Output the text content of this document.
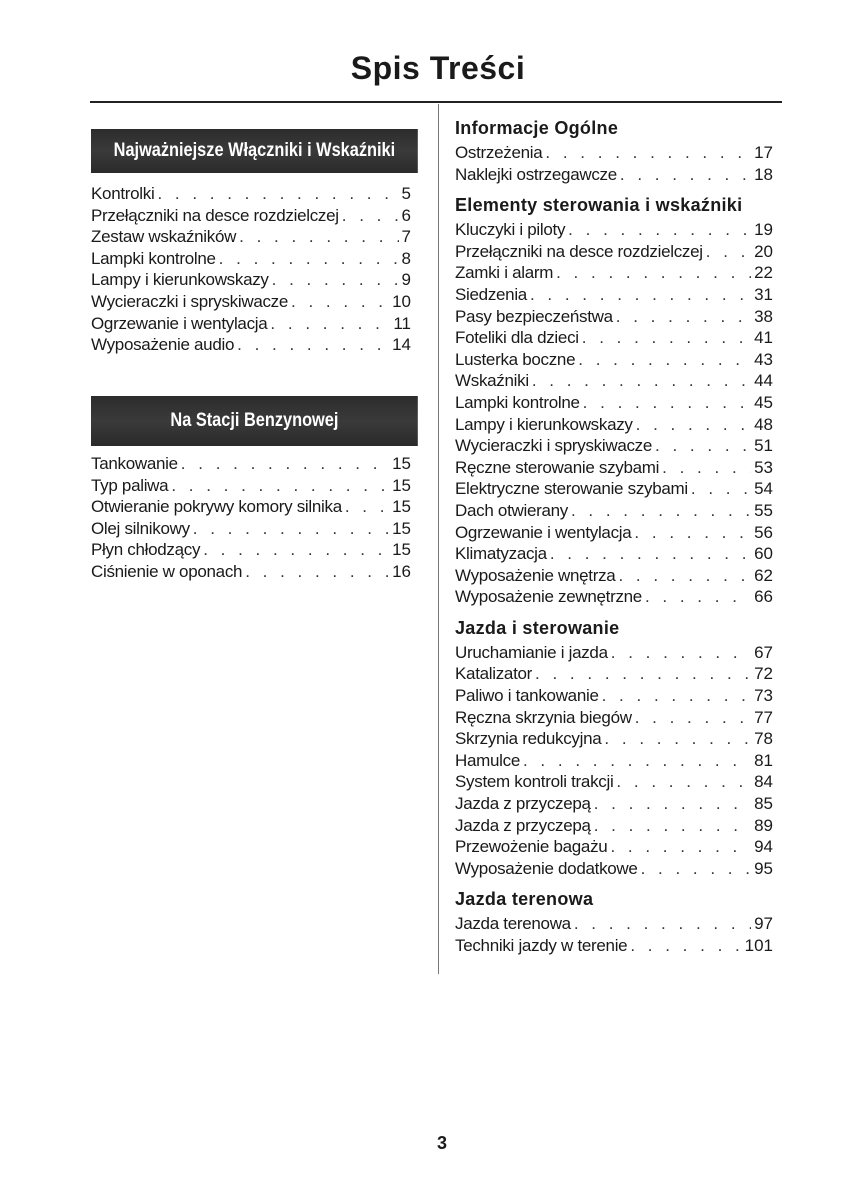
Spis Treści
Najważniejsze Włączniki i Wskaźniki
Kontrolki . . .	5
Przełączniki na desce rozdzielczej . . .	6
Zestaw wskaźników . . .	7
Lampki kontrolne . . .	8
Lampy i kierunkowskazy . . .	9
Wycieraczki i spryskiwacze . . .	10
Ogrzewanie i wentylacja . . .	11
Wyposażenie audio . . .	14
Na Stacji Benzynowej
Tankowanie . . .	15
Typ paliwa . . .	15
Otwieranie pokrywy komory silnika . . .	15
Olej silnikowy . . .	15
Płyn chłodzący . . .	15
Ciśnienie w oponach . . .	16
Informacje Ogólne
Ostrzeżenia . . .	17
Naklejki ostrzegawcze . . .	18
Elementy sterowania i wskaźniki
Kluczyki i piloty . . .	19
Przełączniki na desce rozdzielczej . . .	20
Zamki i alarm . . .	22
Siedzenia . . .	31
Pasy bezpieczeństwa . . .	38
Foteliki dla dzieci . . .	41
Lusterka boczne . . .	43
Wskaźniki . . .	44
Lampki kontrolne . . .	45
Lampy i kierunkowskazy . . .	48
Wycieraczki i spryskiwacze . . .	51
Ręczne sterowanie szybami . . .	53
Elektryczne sterowanie szybami . . .	54
Dach otwierany . . .	55
Ogrzewanie i wentylacja . . .	56
Klimatyzacja . . .	60
Wyposażenie wnętrza . . .	62
Wyposażenie zewnętrzne . . .	66
Jazda i sterowanie
Uruchamianie i jazda . . .	67
Katalizator . . .	72
Paliwo i tankowanie . . .	73
Ręczna skrzynia biegów . . .	77
Skrzynia redukcyjna . . .	78
Hamulce . . .	81
System kontroli trakcji . . .	84
Jazda z przyczepą . . .	85
Jazda z przyczepą . . .	89
Przewożenie bagażu . . .	94
Wyposażenie dodatkowe . . .	95
Jazda terenowa
Jazda terenowa . . .	97
Techniki jazdy w terenie . . .	101
3
